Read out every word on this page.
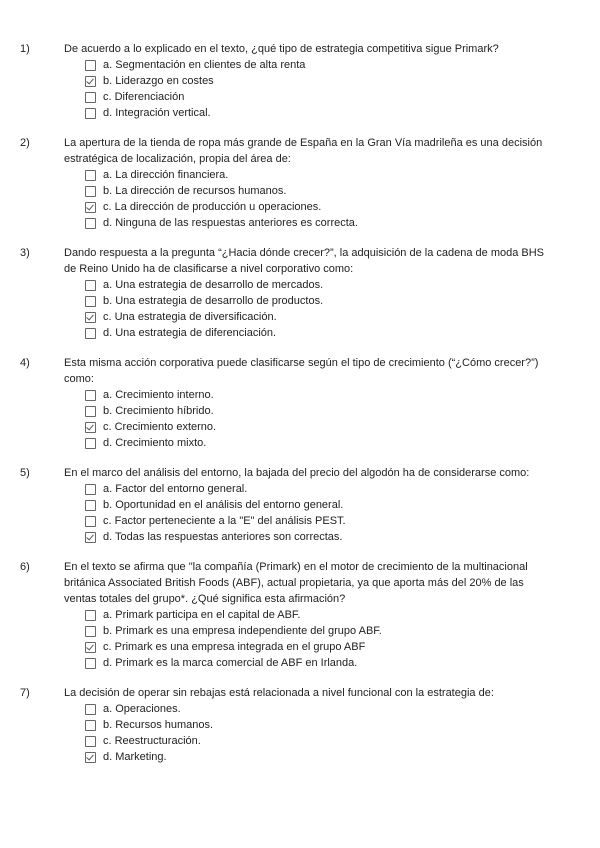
1)	De acuerdo a lo explicado en el texto, ¿qué tipo de estrategia competitiva sigue Primark?
a. Segmentación en clientes de alta renta
b. Liderazgo en costes
c. Diferenciación
d. Integración vertical.
2)	La apertura de la tienda de ropa más grande de España en la Gran Vía madrileña es una decisión estratégica de localización, propia del área de:
a. La dirección financiera.
b. La dirección de recursos humanos.
c. La dirección de producción u operaciones.
d. Ninguna de las respuestas anteriores es correcta.
3)	Dando respuesta a la pregunta “¿Hacia dónde crecer?”, la adquisición de la cadena de moda BHS de Reino Unido ha de clasificarse a nivel corporativo como:
a. Una estrategia de desarrollo de mercados.
b. Una estrategia de desarrollo de productos.
c. Una estrategia de diversificación.
d. Una estrategia de diferenciación.
4)	Esta misma acción corporativa puede clasificarse según el tipo de crecimiento (“¿Cómo crecer?”) como:
a. Crecimiento interno.
b. Crecimiento híbrido.
c. Crecimiento externo.
d. Crecimiento mixto.
5)	En el marco del análisis del entorno, la bajada del precio del algodón ha de considerarse como:
a. Factor del entorno general.
b. Oportunidad en el análisis del entorno general.
c. Factor perteneciente a la "E" del análisis PEST.
d. Todas las respuestas anteriores son correctas.
6)	En el texto se afirma que "la compañía (Primark) en el motor de crecimiento de la multinacional británica Associated British Foods (ABF), actual propietaria, ya que aporta más del 20% de las ventas totales del grupo*. ¿Qué significa esta afirmación?
a. Primark participa en el capital de ABF.
b. Primark es una empresa independiente del grupo ABF.
c. Primark es una empresa integrada en el grupo ABF
d. Primark es la marca comercial de ABF en Irlanda.
7)	La decisión de operar sin rebajas está relacionada a nivel funcional con la estrategia de:
a. Operaciones.
b. Recursos humanos.
c. Reestructuración.
d. Marketing.
